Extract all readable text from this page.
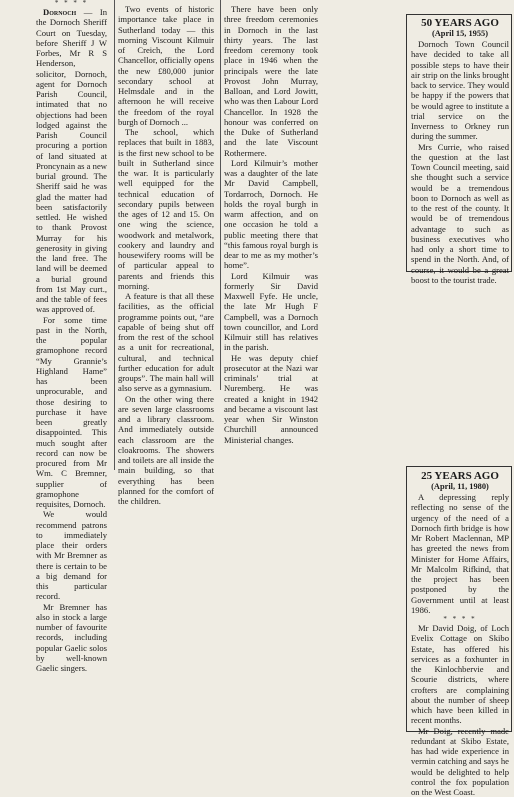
* * * *

Dornoch — In the Dornoch Sheriff Court on Tuesday, before Sheriff J W Forbes, Mr R S Henderson, solicitor, Dornoch, agent for Dornoch Parish Council, intimated that no objections had been lodged against the Parish Council procuring a portion of land situated at Proncynain as a new burial ground. The Sheriff said he was glad the matter had been satisfactorily settled. He wished to thank Provost Murray for his generosity in giving the land free. The land will be deemed a burial ground from 1st May curt., and the table of fees was approved of.

For some time past in the North, the popular gramophone record “My Grannie’s Highland Hame” has been unprocurable, and those desiring to purchase it have been greatly disappointed. This much sought after record can now be procured from Mr Wm. C Bremner, supplier of gramophone requisites, Dornoch.

We would recommend patrons to immediately place their orders with Mr Bremner as there is certain to be a big demand for this particular record.

Mr Bremner has also in stock a large number of favourite records, including popular Gaelic solos by well-known Gaelic singers.

Two events of historic importance take place in Sutherland today — this morning Viscount Kilmuir of Creich, the Lord Chancellor, officially opens the new £80,000 junior secondary school at Helmsdale and in the afternoon he will receive the freedom of the royal burgh of Dornoch ...

The school, which replaces that built in 1883, is the first new school to be built in Sutherland since the war. It is particularly well equipped for the technical education of secondary pupils between the ages of 12 and 15. On one wing the science, woodwork and metalwork, cookery and laundry and housewifery rooms will be of particular appeal to parents and friends this morning.

A feature is that all these facilities, as the official programme points out, “are capable of being shut off from the rest of the school as a unit for recreational, cultural, and technical further education for adult groups”. The main hall will also serve as a gymnasium.

On the other wing there are seven large classrooms and a library classroom. And immediately outside each classroom are the cloakrooms. The showers and toilets are all inside the main building, so that everything has been planned for the comfort of the children.

There have been only three freedom ceremonies in Dornoch in the last thirty years. The last freedom ceremony took place in 1946 when the principals were the late Provost John Murray, Balloan, and Lord Jowitt, who was then Labour Lord Chancellor. In 1928 the honour was conferred on the Duke of Sutherland and the late Viscount Rothermere.

Lord Kilmuir’s mother was a daughter of the late Mr David Campbell, Tordarroch, Dornoch. He holds the royal burgh in warm affection, and on one occasion he told a public meeting there that “this famous royal burgh is dear to me as my mother’s home”.

Lord Kilmuir was formerly Sir David Maxwell Fyfe. He uncle, the late Mr Hugh F Campbell, was a Dornoch town councillor, and Lord Kilmuir still has relatives in the parish.

He was deputy chief prosecutor at the Nazi war criminals’ trial at Nuremberg. He was created a knight in 1942 and became a viscount last year when Sir Winston Churchill announced Ministerial changes.

50 YEARS AGO
(April 15, 1955)

Dornoch Town Council have decided to take all possible steps to have their air strip on the links brought back to service. They would be happy if the powers that be would agree to institute a trial service on the Inverness to Orkney run during the summer.

Mrs Currie, who raised the question at the last Town Council meeting, said she thought such a service would be a tremendous boon to Dornoch as well as to the rest of the county. It would be of tremendous advantage to such as business executives who had only a short time to spend in the North. And, of course, it would be a great boost to the tourist trade.

25 YEARS AGO
(April, 11, 1980)

A depressing reply reflecting no sense of the urgency of the need of a Dornoch firth bridge is how Mr Robert Maclennan, MP has greeted the news from Minister for Home Affairs, Mr Malcolm Rifkind, that the project has been postponed by the Government until at least 1986.

* * * *

Mr David Doig, of Loch Evelix Cottage on Skibo Estate, has offered his services as a foxhunter in the Kinlochbervie and Scourie districts, where crofters are complaining about the number of sheep which have been killed in recent months.

Mr Doig, recently made redundant at Skibo Estate, has had wide experience in vermin catching and says he would be delighted to help control the fox population on the West Coast.
